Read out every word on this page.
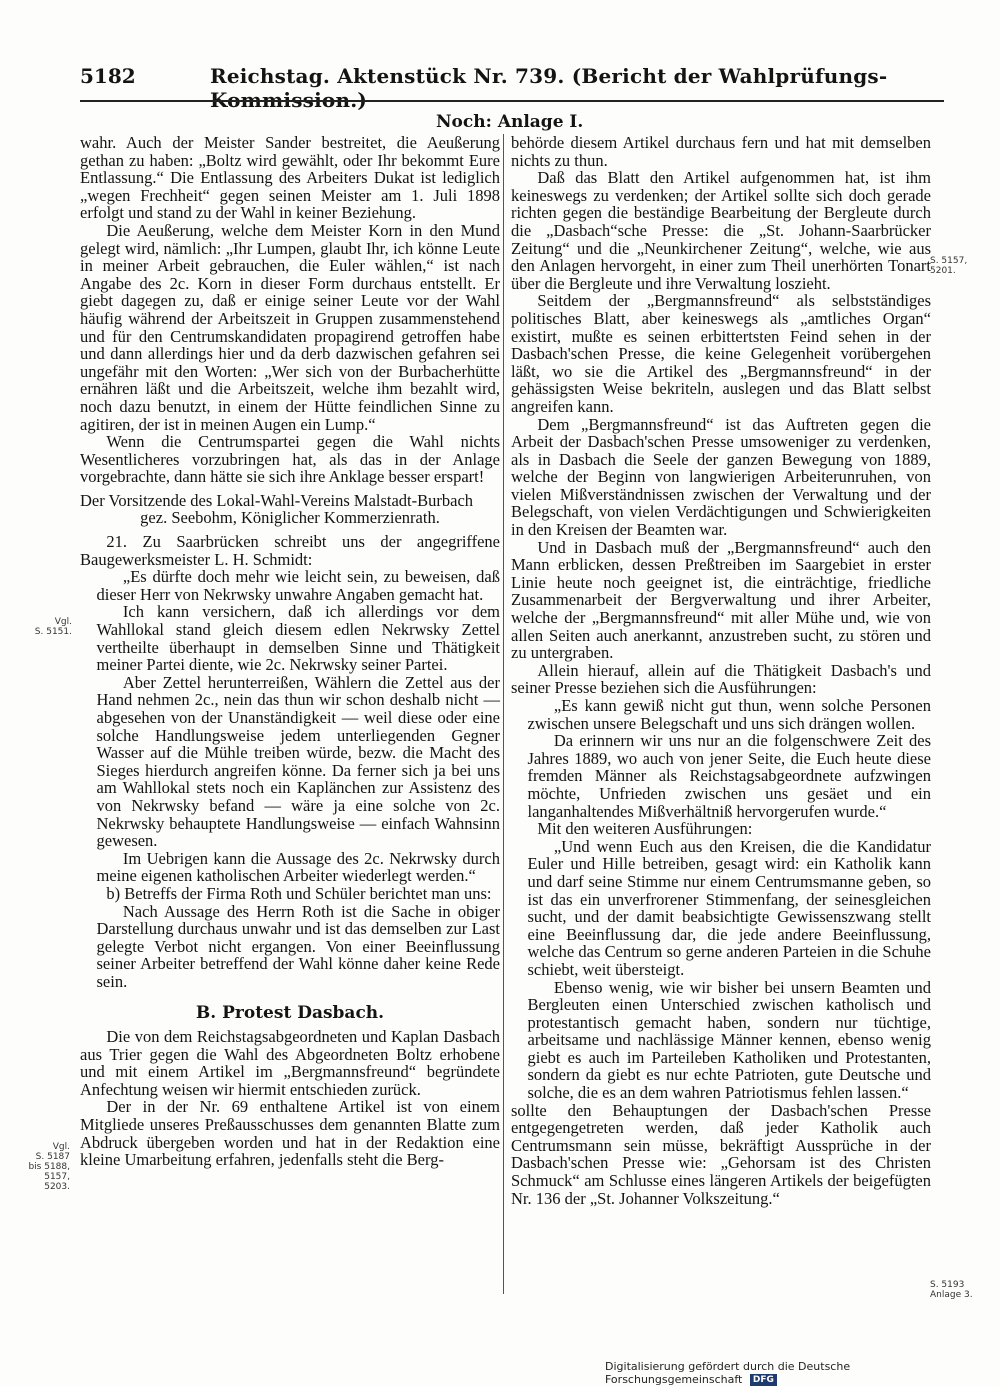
5182	Reichstag. Aktenstück Nr. 739. (Bericht der Wahlprüfungs-Kommission.)
Noch: Anlage I.
Vgl.
S. 5151.
Vgl.
S. 5187
bis 5188,
5157,
5203.
S. 5157,
5201.
S. 5193
Anlage 3.

wahr. Auch der Meister Sander bestreitet, die Aeußerung gethan zu haben: „Boltz wird gewählt, oder Ihr bekommt Eure Entlassung.“ Die Entlassung des Arbeiters Dukat ist lediglich „wegen Frechheit“ gegen seinen Meister am 1. Juli 1898 erfolgt und stand zu der Wahl in keiner Beziehung.

Die Aeußerung, welche dem Meister Korn in den Mund gelegt wird, nämlich: „Ihr Lumpen, glaubt Ihr, ich könne Leute in meiner Arbeit gebrauchen, die Euler wählen,“ ist nach Angabe des 2c. Korn in dieser Form durchaus entstellt. Er giebt dagegen zu, daß er einige seiner Leute vor der Wahl häufig während der Arbeitszeit in Gruppen zusammenstehend und für den Centrumskandidaten propagirend getroffen habe und dann allerdings hier und da derb dazwischen gefahren sei ungefähr mit den Worten: „Wer sich von der Burbacherhütte ernähren läßt und die Arbeitszeit, welche ihm bezahlt wird, noch dazu benutzt, in einem der Hütte feindlichen Sinne zu agitiren, der ist in meinen Augen ein Lump.“

Wenn die Centrumspartei gegen die Wahl nichts Wesentlicheres vorzubringen hat, als das in der Anlage vorgebrachte, dann hätte sie sich ihre Anklage besser erspart!

Der Vorsitzende des Lokal-Wahl-Vereins Malstadt-Burbach

gez. Seebohm, Königlicher Kommerzienrath.

21. Zu Saarbrücken schreibt uns der angegriffene Baugewerksmeister L. H. Schmidt:

„Es dürfte doch mehr wie leicht sein, zu beweisen, daß dieser Herr von Nekrwsky unwahre Angaben gemacht hat.

Ich kann versichern, daß ich allerdings vor dem Wahllokal stand gleich diesem edlen Nekrwsky Zettel vertheilte überhaupt in demselben Sinne und Thätigkeit meiner Partei diente, wie 2c. Nekrwsky seiner Partei.

Aber Zettel herunterreißen, Wählern die Zettel aus der Hand nehmen 2c., nein das thun wir schon deshalb nicht — abgesehen von der Unanständigkeit — weil diese oder eine solche Handlungsweise jedem unterliegenden Gegner Wasser auf die Mühle treiben würde, bezw. die Macht des Sieges hierdurch angreifen könne. Da ferner sich ja bei uns am Wahllokal stets noch ein Kaplänchen zur Assistenz des von Nekrwsky befand — wäre ja eine solche von 2c. Nekrwsky behauptete Handlungsweise — einfach Wahnsinn gewesen.

Im Uebrigen kann die Aussage des 2c. Nekrwsky durch meine eigenen katholischen Arbeiter wiederlegt werden.“

b) Betreffs der Firma Roth und Schüler berichtet man uns:

Nach Aussage des Herrn Roth ist die Sache in obiger Darstellung durchaus unwahr und ist das demselben zur Last gelegte Verbot nicht ergangen. Von einer Beeinflussung seiner Arbeiter betreffend der Wahl könne daher keine Rede sein.

B. Protest Dasbach.

Die von dem Reichstagsabgeordneten und Kaplan Dasbach aus Trier gegen die Wahl des Abgeordneten Boltz erhobene und mit einem Artikel im „Bergmannsfreund“ begründete Anfechtung weisen wir hiermit entschieden zurück.

Der in der Nr. 69 enthaltene Artikel ist von einem Mitgliede unseres Preßausschusses dem genannten Blatte zum Abdruck übergeben worden und hat in der Redaktion eine kleine Umarbeitung erfahren, jedenfalls steht die Berg-

behörde diesem Artikel durchaus fern und hat mit demselben nichts zu thun.

Daß das Blatt den Artikel aufgenommen hat, ist ihm keineswegs zu verdenken; der Artikel sollte sich doch gerade richten gegen die beständige Bearbeitung der Bergleute durch die „Dasbach“sche Presse: die „St. Johann-Saarbrücker Zeitung“ und die „Neunkirchener Zeitung“, welche, wie aus den Anlagen hervorgeht, in einer zum Theil unerhörten Tonart über die Bergleute und ihre Verwaltung loszieht.

Seitdem der „Bergmannsfreund“ als selbstständiges politisches Blatt, aber keineswegs als „amtliches Organ“ existirt, mußte es seinen erbittertsten Feind sehen in der Dasbach'schen Presse, die keine Gelegenheit vorübergehen läßt, wo sie die Artikel des „Bergmannsfreund“ in der gehässigsten Weise bekriteln, auslegen und das Blatt selbst angreifen kann.

Dem „Bergmannsfreund“ ist das Auftreten gegen die Arbeit der Dasbach'schen Presse umsoweniger zu verdenken, als in Dasbach die Seele der ganzen Bewegung von 1889, welche der Beginn von langwierigen Arbeiterunruhen, von vielen Mißverständnissen zwischen der Verwaltung und der Belegschaft, von vielen Verdächtigungen und Schwierigkeiten in den Kreisen der Beamten war.

Und in Dasbach muß der „Bergmannsfreund“ auch den Mann erblicken, dessen Preßtreiben im Saargebiet in erster Linie heute noch geeignet ist, die einträchtige, friedliche Zusammenarbeit der Bergverwaltung und ihrer Arbeiter, welche der „Bergmannsfreund“ mit aller Mühe und, wie von allen Seiten auch anerkannt, anzustreben sucht, zu stören und zu untergraben.

Allein hierauf, allein auf die Thätigkeit Dasbach's und seiner Presse beziehen sich die Ausführungen:

„Es kann gewiß nicht gut thun, wenn solche Personen zwischen unsere Belegschaft und uns sich drängen wollen.

Da erinnern wir uns nur an die folgenschwere Zeit des Jahres 1889, wo auch von jener Seite, die Euch heute diese fremden Männer als Reichstagsabgeordnete aufzwingen möchte, Unfrieden zwischen uns gesäet und ein langanhaltendes Mißverhältniß hervorgerufen wurde.“

Mit den weiteren Ausführungen:

„Und wenn Euch aus den Kreisen, die die Kandidatur Euler und Hille betreiben, gesagt wird: ein Katholik kann und darf seine Stimme nur einem Centrumsmanne geben, so ist das ein unverfrorener Stimmenfang, der seinesgleichen sucht, und der damit beabsichtigte Gewissenszwang stellt eine Beeinflussung dar, die jede andere Beeinflussung, welche das Centrum so gerne anderen Parteien in die Schuhe schiebt, weit übersteigt.

Ebenso wenig, wie wir bisher bei unsern Beamten und Bergleuten einen Unterschied zwischen katholisch und protestantisch gemacht haben, sondern nur tüchtige, arbeitsame und nachlässige Männer kennen, ebenso wenig giebt es auch im Parteileben Katholiken und Protestanten, sondern da giebt es nur echte Patrioten, gute Deutsche und solche, die es an dem wahren Patriotismus fehlen lassen.“

sollte den Behauptungen der Dasbach'schen Presse entgegengetreten werden, daß jeder Katholik auch Centrumsmann sein müsse, bekräftigt Aussprüche in der Dasbach'schen Presse wie: „Gehorsam ist des Christen Schmuck“ am Schlusse eines längeren Artikels der beigefügten Nr. 136 der „St. Johanner Volkszeitung.“

Digitalisierung gefördert durch die Deutsche Forschungsgemeinschaft DFG
